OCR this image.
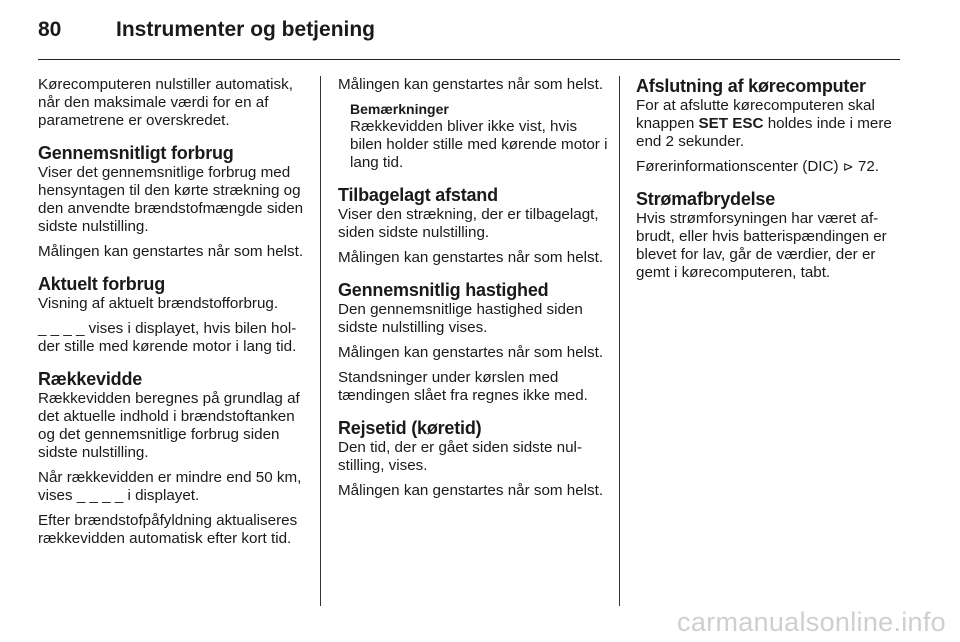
80	Instrumenter og betjening

Kørecomputeren nulstiller automatisk, når den maksimale værdi for en af parametrene er overskredet.

Gennemsnitligt forbrug

Viser det gennemsnitlige forbrug med hensyntagen til den kørte strækning og den anvendte brændstofmængde siden sidste nulstilling.

Målingen kan genstartes når som helst.

Aktuelt forbrug

Visning af aktuelt brændstofforbrug.

_ _ _ _ vises i displayet, hvis bilen holder stille med kørende motor i lang tid.

Rækkevidde

Rækkevidden beregnes på grundlag af det aktuelle indhold i brændstoftanken og det gennemsnitlige forbrug siden sidste nulstilling.

Når rækkevidden er mindre end 50 km, vises _ _ _ _ i displayet.

Efter brændstofpåfyldning aktualiseres rækkevidden automatisk efter kort tid.

Målingen kan genstartes når som helst.

Bemærkninger

Rækkevidden bliver ikke vist, hvis bilen holder stille med kørende motor i lang tid.

Tilbagelagt afstand

Viser den strækning, der er tilbagelagt, siden sidste nulstilling.

Målingen kan genstartes når som helst.

Gennemsnitlig hastighed

Den gennemsnitlige hastighed siden sidste nulstilling vises.

Målingen kan genstartes når som helst.

Standsninger under kørslen med tændingen slået fra regnes ikke med.

Rejsetid (køretid)

Den tid, der er gået siden sidste nulstilling, vises.

Målingen kan genstartes når som helst.

Afslutning af kørecomputer

For at afslutte kørecomputeren skal knappen SET ESC holdes inde i mere end 2 sekunder.

Førerinformationscenter (DIC) ⊳ 72.

Strømafbrydelse

Hvis strømforsyningen har været afbrudt, eller hvis batterispændingen er blevet for lav, går de værdier, der er gemt i kørecomputeren, tabt.

carmanualsonline.info
